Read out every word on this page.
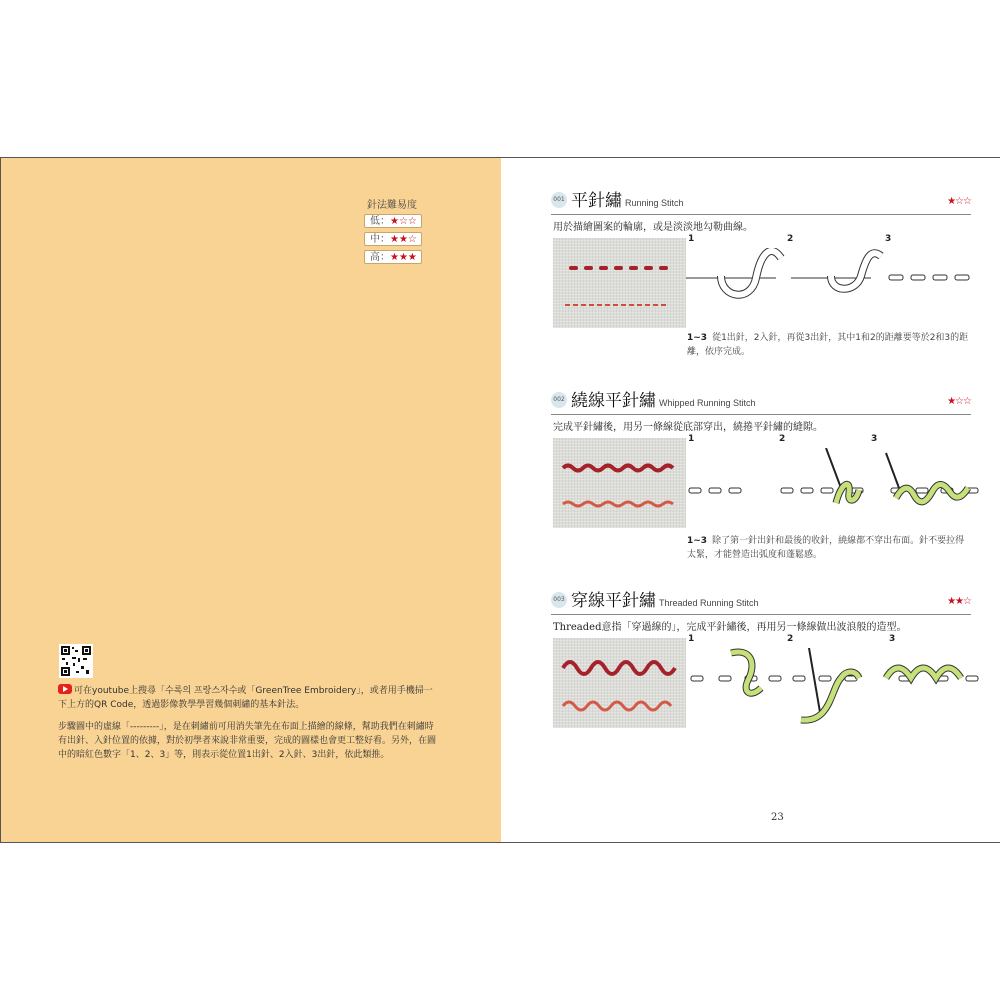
針法難易度
低：★☆☆
中：★★☆
高：★★★
可在youtube上搜尋「수록의 프랑스자수或「GreenTree Embroidery」，或者用手機掃一下上方的QR Code，透過影像教學學習幾個刺繡的基本針法。
步驟圖中的虛線「---------」，是在刺繡前可用消失筆先在布面上描繪的線條，幫助我們在刺繡時有出針、入針位置的依據，對於初學者來說非常重要，完成的圖樣也會更工整好看。另外，在圖中的暗紅色數字「1、2、3」等，則表示從位置1出針、2入針、3出針，依此類推。
001 平針繡 Running Stitch	★☆☆
用於描繪圖案的輪廓，或是淡淡地勾勒曲線。
1	2	3
1~3 從1出針，2入針，再從3出針，其中1和2的距離要等於2和3的距離，依序完成。
002 繞線平針繡 Whipped Running Stitch	★☆☆
完成平針繡後，用另一條線從底部穿出，繞捲平針繡的縫隙。
1	2	3
1~3 除了第一針出針和最後的收針，繞線都不穿出布面。針不要拉得太緊，才能營造出弧度和蓬鬆感。
003 穿線平針繡 Threaded Running Stitch	★★☆
Threaded意指「穿過線的」，完成平針繡後，再用另一條線做出波浪般的造型。
1	2	3
23
